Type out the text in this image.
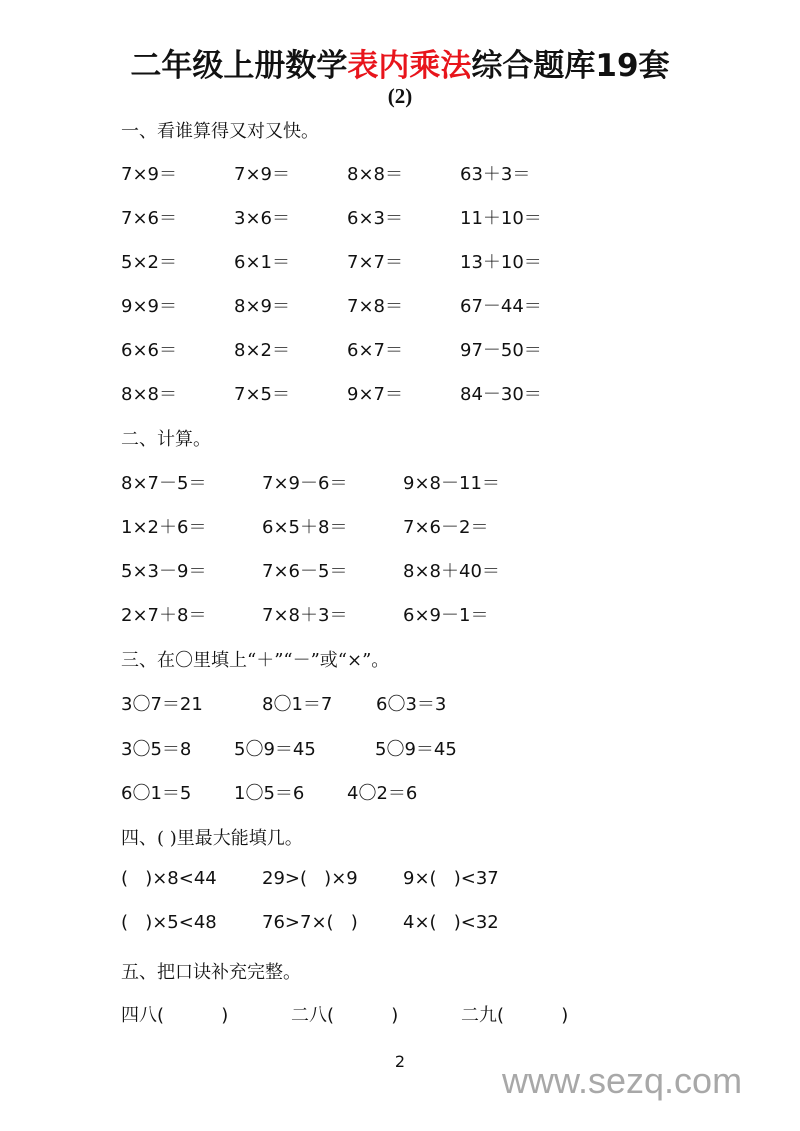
二年级上册数学表内乘法综合题库19套
(2)
一、看谁算得又对又快。
7×9＝	7×9＝	8×8＝	63＋3＝
7×6＝	3×6＝	6×3＝	11＋10＝
5×2＝	6×1＝	7×7＝	13＋10＝
9×9＝	8×9＝	7×8＝	67－44＝
6×6＝	8×2＝	6×7＝	97－50＝
8×8＝	7×5＝	9×7＝	84－30＝
二、计算。
8×7－5＝	7×9－6＝	9×8－11＝
1×2＋6＝	6×5＋8＝	7×6－2＝
5×3－9＝	7×6－5＝	8×8＋40＝
2×7＋8＝	7×8＋3＝	6×9－1＝
三、在〇里填上“＋”“－”或“×”。
3〇7＝21	8〇1＝7 6〇3＝3
3〇5＝8 5〇9＝45	5〇9＝45
6〇1＝5 1〇5＝6 4〇2＝6
四、( )里最大能填几。
(   )×8<44	29>(   )×9	9×(   )<37
(   )×5<48	76>7×(   )	4×(   )<32
五、把口诀补充完整。
四八(          )	二八(          )	二九(          )
2	www.sezq.com
